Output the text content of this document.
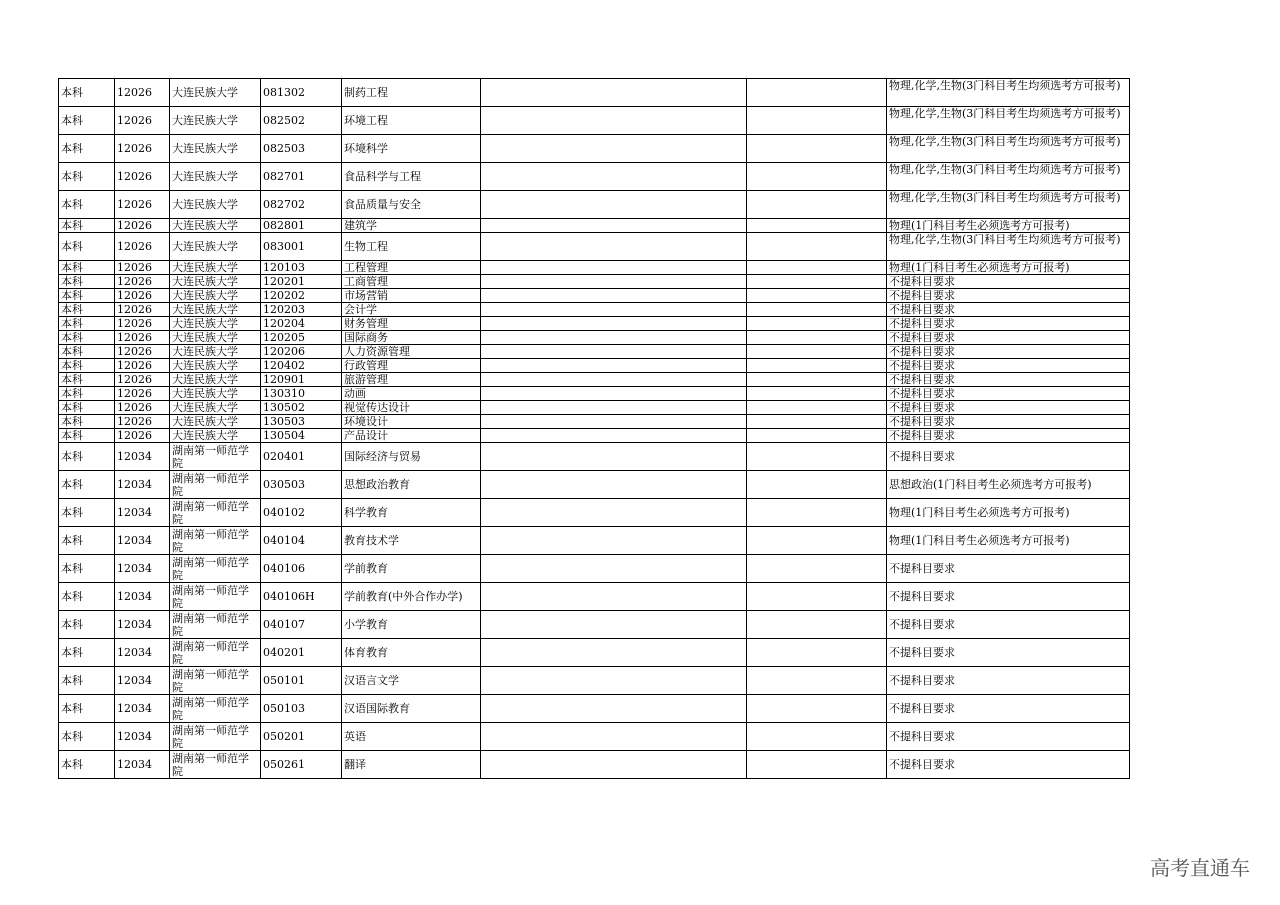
本科	12026	大连民族大学	081302	制药工程			物理,化学,生物(3门科目考生均须选考方可报考)
本科	12026	大连民族大学	082502	环境工程			物理,化学,生物(3门科目考生均须选考方可报考)
本科	12026	大连民族大学	082503	环境科学			物理,化学,生物(3门科目考生均须选考方可报考)
本科	12026	大连民族大学	082701	食品科学与工程			物理,化学,生物(3门科目考生均须选考方可报考)
本科	12026	大连民族大学	082702	食品质量与安全			物理,化学,生物(3门科目考生均须选考方可报考)
本科	12026	大连民族大学	082801	建筑学			物理(1门科目考生必须选考方可报考)
本科	12026	大连民族大学	083001	生物工程			物理,化学,生物(3门科目考生均须选考方可报考)
本科	12026	大连民族大学	120103	工程管理			物理(1门科目考生必须选考方可报考)
本科	12026	大连民族大学	120201	工商管理			不提科目要求
本科	12026	大连民族大学	120202	市场营销			不提科目要求
本科	12026	大连民族大学	120203	会计学			不提科目要求
本科	12026	大连民族大学	120204	财务管理			不提科目要求
本科	12026	大连民族大学	120205	国际商务			不提科目要求
本科	12026	大连民族大学	120206	人力资源管理			不提科目要求
本科	12026	大连民族大学	120402	行政管理			不提科目要求
本科	12026	大连民族大学	120901	旅游管理			不提科目要求
本科	12026	大连民族大学	130310	动画			不提科目要求
本科	12026	大连民族大学	130502	视觉传达设计			不提科目要求
本科	12026	大连民族大学	130503	环境设计			不提科目要求
本科	12026	大连民族大学	130504	产品设计			不提科目要求
本科	12034	湖南第一师范学院	020401	国际经济与贸易			不提科目要求
本科	12034	湖南第一师范学院	030503	思想政治教育			思想政治(1门科目考生必须选考方可报考)
本科	12034	湖南第一师范学院	040102	科学教育			物理(1门科目考生必须选考方可报考)
本科	12034	湖南第一师范学院	040104	教育技术学			物理(1门科目考生必须选考方可报考)
本科	12034	湖南第一师范学院	040106	学前教育			不提科目要求
本科	12034	湖南第一师范学院	040106H	学前教育(中外合作办学)			不提科目要求
本科	12034	湖南第一师范学院	040107	小学教育			不提科目要求
本科	12034	湖南第一师范学院	040201	体育教育			不提科目要求
本科	12034	湖南第一师范学院	050101	汉语言文学			不提科目要求
本科	12034	湖南第一师范学院	050103	汉语国际教育			不提科目要求
本科	12034	湖南第一师范学院	050201	英语			不提科目要求
本科	12034	湖南第一师范学院	050261	翻译			不提科目要求
高考直通车
